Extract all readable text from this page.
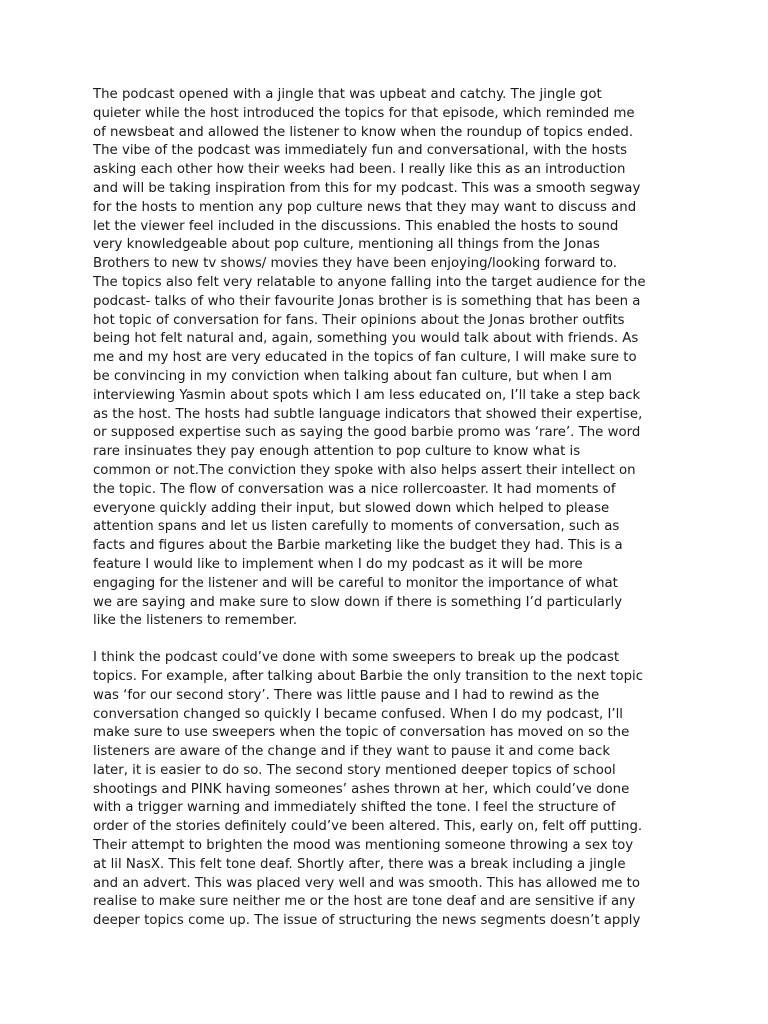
The podcast opened with a jingle that was upbeat and catchy. The jingle got
quieter while the host introduced the topics for that episode, which reminded me
of newsbeat and allowed the listener to know when the roundup of topics ended.
The vibe of the podcast was immediately fun and conversational, with the hosts
asking each other how their weeks had been. I really like this as an introduction
and will be taking inspiration from this for my podcast. This was a smooth segway
for the hosts to mention any pop culture news that they may want to discuss and
let the viewer feel included in the discussions. This enabled the hosts to sound
very knowledgeable about pop culture, mentioning all things from the Jonas
Brothers to new tv shows/ movies they have been enjoying/looking forward to.
The topics also felt very relatable to anyone falling into the target audience for the
podcast- talks of who their favourite Jonas brother is is something that has been a
hot topic of conversation for fans. Their opinions about the Jonas brother outfits
being hot felt natural and, again, something you would talk about with friends. As
me and my host are very educated in the topics of fan culture, I will make sure to
be convincing in my conviction when talking about fan culture, but when I am
interviewing Yasmin about spots which I am less educated on, I’ll take a step back
as the host. The hosts had subtle language indicators that showed their expertise,
or supposed expertise such as saying the good barbie promo was ‘rare’. The word
rare insinuates they pay enough attention to pop culture to know what is
common or not.The conviction they spoke with also helps assert their intellect on
the topic. The flow of conversation was a nice rollercoaster. It had moments of
everyone quickly adding their input, but slowed down which helped to please
attention spans and let us listen carefully to moments of conversation, such as
facts and figures about the Barbie marketing like the budget they had. This is a
feature I would like to implement when I do my podcast as it will be more
engaging for the listener and will be careful to monitor the importance of what
we are saying and make sure to slow down if there is something I’d particularly
like the listeners to remember.

I think the podcast could’ve done with some sweepers to break up the podcast
topics. For example, after talking about Barbie the only transition to the next topic
was ‘for our second story’. There was little pause and I had to rewind as the
conversation changed so quickly I became confused. When I do my podcast, I’ll
make sure to use sweepers when the topic of conversation has moved on so the
listeners are aware of the change and if they want to pause it and come back
later, it is easier to do so. The second story mentioned deeper topics of school
shootings and PINK having someones’ ashes thrown at her, which could’ve done
with a trigger warning and immediately shifted the tone. I feel the structure of
order of the stories definitely could’ve been altered. This, early on, felt off putting.
Their attempt to brighten the mood was mentioning someone throwing a sex toy
at lil NasX. This felt tone deaf. Shortly after, there was a break including a jingle
and an advert. This was placed very well and was smooth. This has allowed me to
realise to make sure neither me or the host are tone deaf and are sensitive if any
deeper topics come up. The issue of structuring the news segments doesn’t apply
